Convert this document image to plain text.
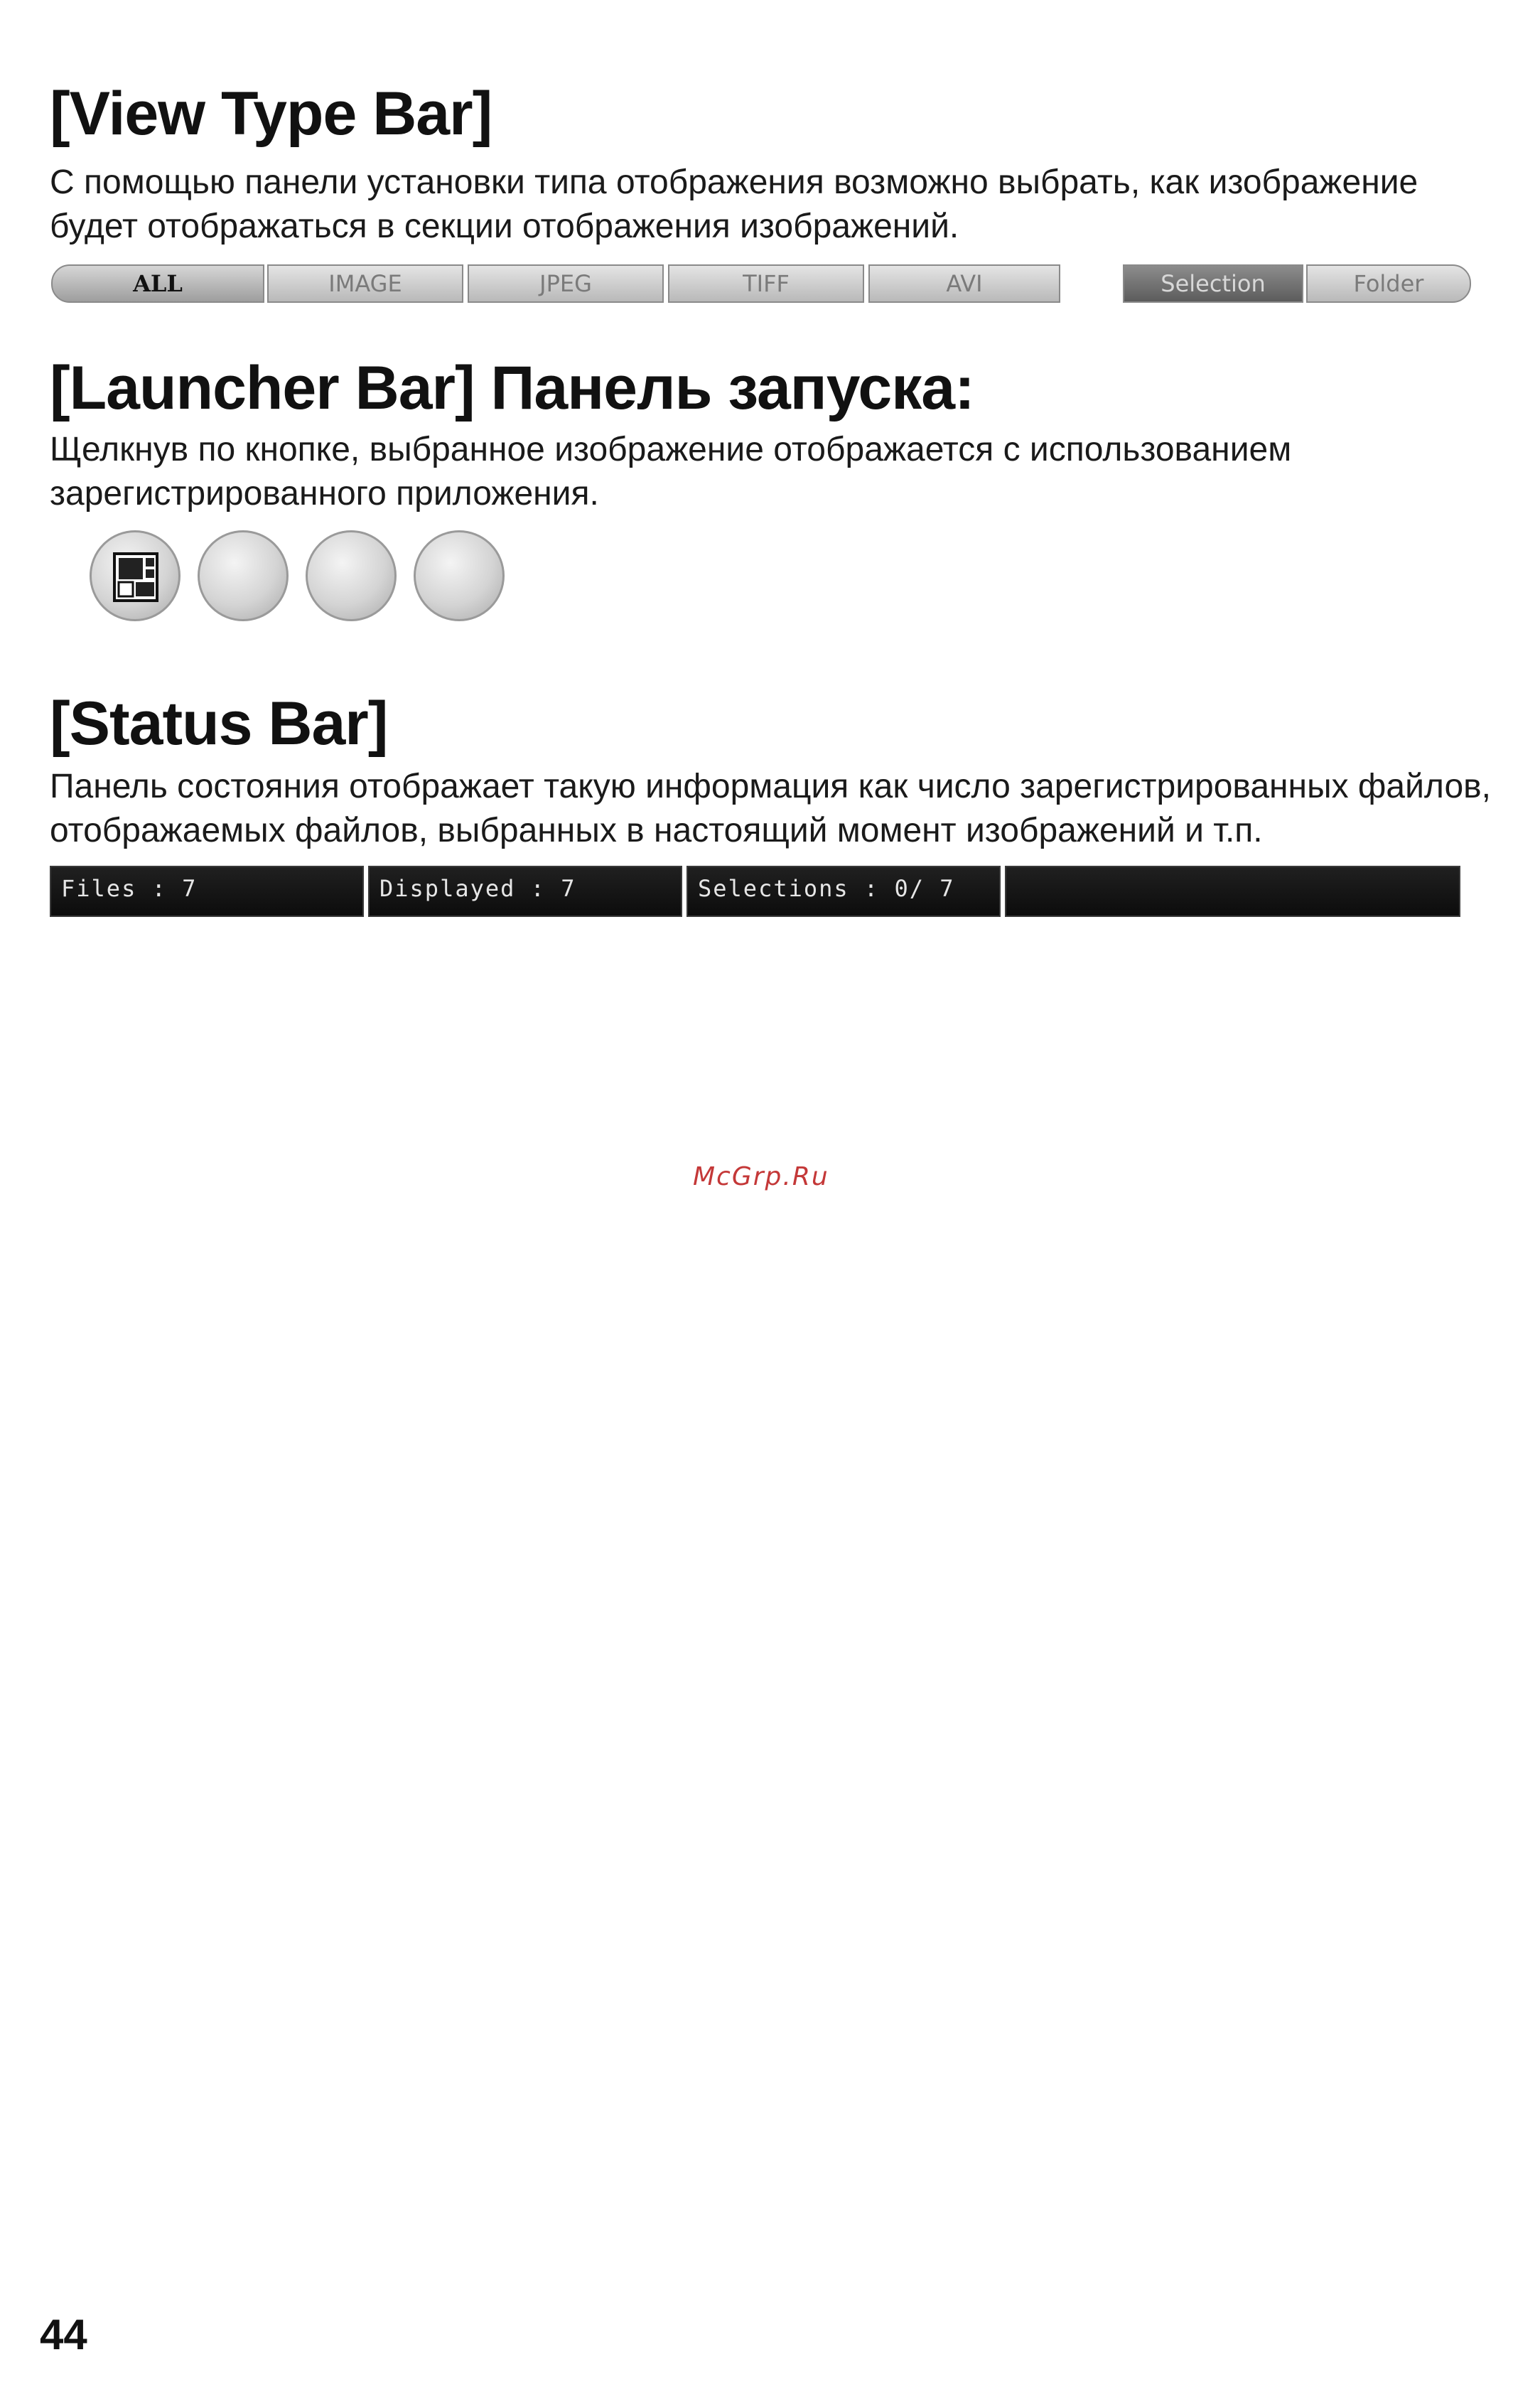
[View Type Bar]

С помощью панели установки типа отображения возможно выбрать, как изображение будет отображаться в секции отображения изображений.

ALL	IMAGE	JPEG	TIFF	AVI	Selection	Folder
[Launcher Bar] Панель запуска:

Щелкнув по кнопке, выбранное изображение отображается с использованием зарегистрированного приложения.

[Status Bar]

Панель состояния отображает такую информация как число зарегистрированных файлов, отображаемых файлов, выбранных в настоящий момент изображений и т.п.

Files : 7	Displayed : 7	Selections : 0/ 7
McGrp.Ru
44
